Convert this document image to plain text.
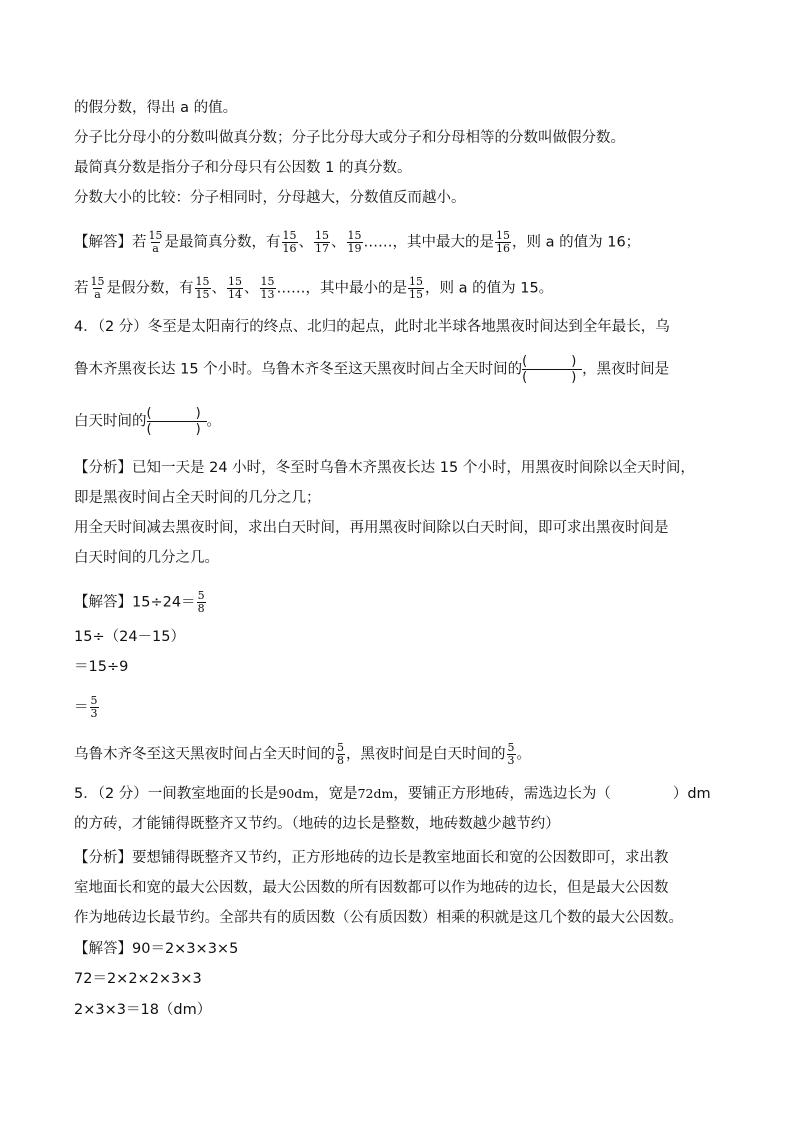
的假分数，得出 a 的值。
分子比分母小的分数叫做真分数；分子比分母大或分子和分母相等的分数叫做假分数。
最简真分数是指分子和分母只有公因数 1 的真分数。
分数大小的比较：分子相同时，分母越大，分数值反而越小。
【解答】若 $\frac{15}{a}$ 是最简真分数，有 $\frac{15}{16}$ 、 $\frac{15}{17}$ 、 $\frac{15}{19}$ ……，其中最大的是 $\frac{15}{16}$ ，则 a 的值为 16；
若 $\frac{15}{a}$ 是假分数，有 $\frac{15}{15}$ 、 $\frac{15}{14}$ 、 $\frac{15}{13}$ ……，其中最小的是 $\frac{15}{15}$ ，则 a 的值为 15。
4．（2 分）冬至是太阳南行的终点、北归的起点，此时北半球各地黑夜时间达到全年最长，乌
鲁木齐黑夜长达 15 个小时。乌鲁木齐冬至这天黑夜时间占全天时间的 (	)
(	) ，黑夜时间是
白天时间的 (	)
(	) 。
【分析】已知一天是 24 小时，冬至时乌鲁木齐黑夜长达 15 个小时，用黑夜时间除以全天时间，
即是黑夜时间占全天时间的几分之几；
用全天时间减去黑夜时间，求出白天时间，再用黑夜时间除以白天时间，即可求出黑夜时间是
白天时间的几分之几。
【解答】$15\div 24= \frac{5}{8}$
15÷（24－15）
＝15÷9
＝ $\frac{5}{3}$
乌鲁木齐冬至这天黑夜时间占全天时间的 $\frac{5}{8}$ ，黑夜时间是白天时间的 $\frac{5}{3}$ 。
5．（2 分）一间教室地面的长是90dm，宽是72dm，要铺正方形地砖，需选边长为（	）dm
的方砖，才能铺得既整齐又节约。（地砖的边长是整数，地砖数越少越节约）
【分析】要想铺得既整齐又节约，正方形地砖的边长是教室地面长和宽的公因数即可，求出教
室地面长和宽的最大公因数，最大公因数的所有因数都可以作为地砖的边长，但是最大公因数
作为地砖边长最节约。全部共有的质因数（公有质因数）相乘的积就是这几个数的最大公因数。
【解答】90＝2×3×3×5
72＝2×2×2×3×3
2×3×3＝18（dm）
